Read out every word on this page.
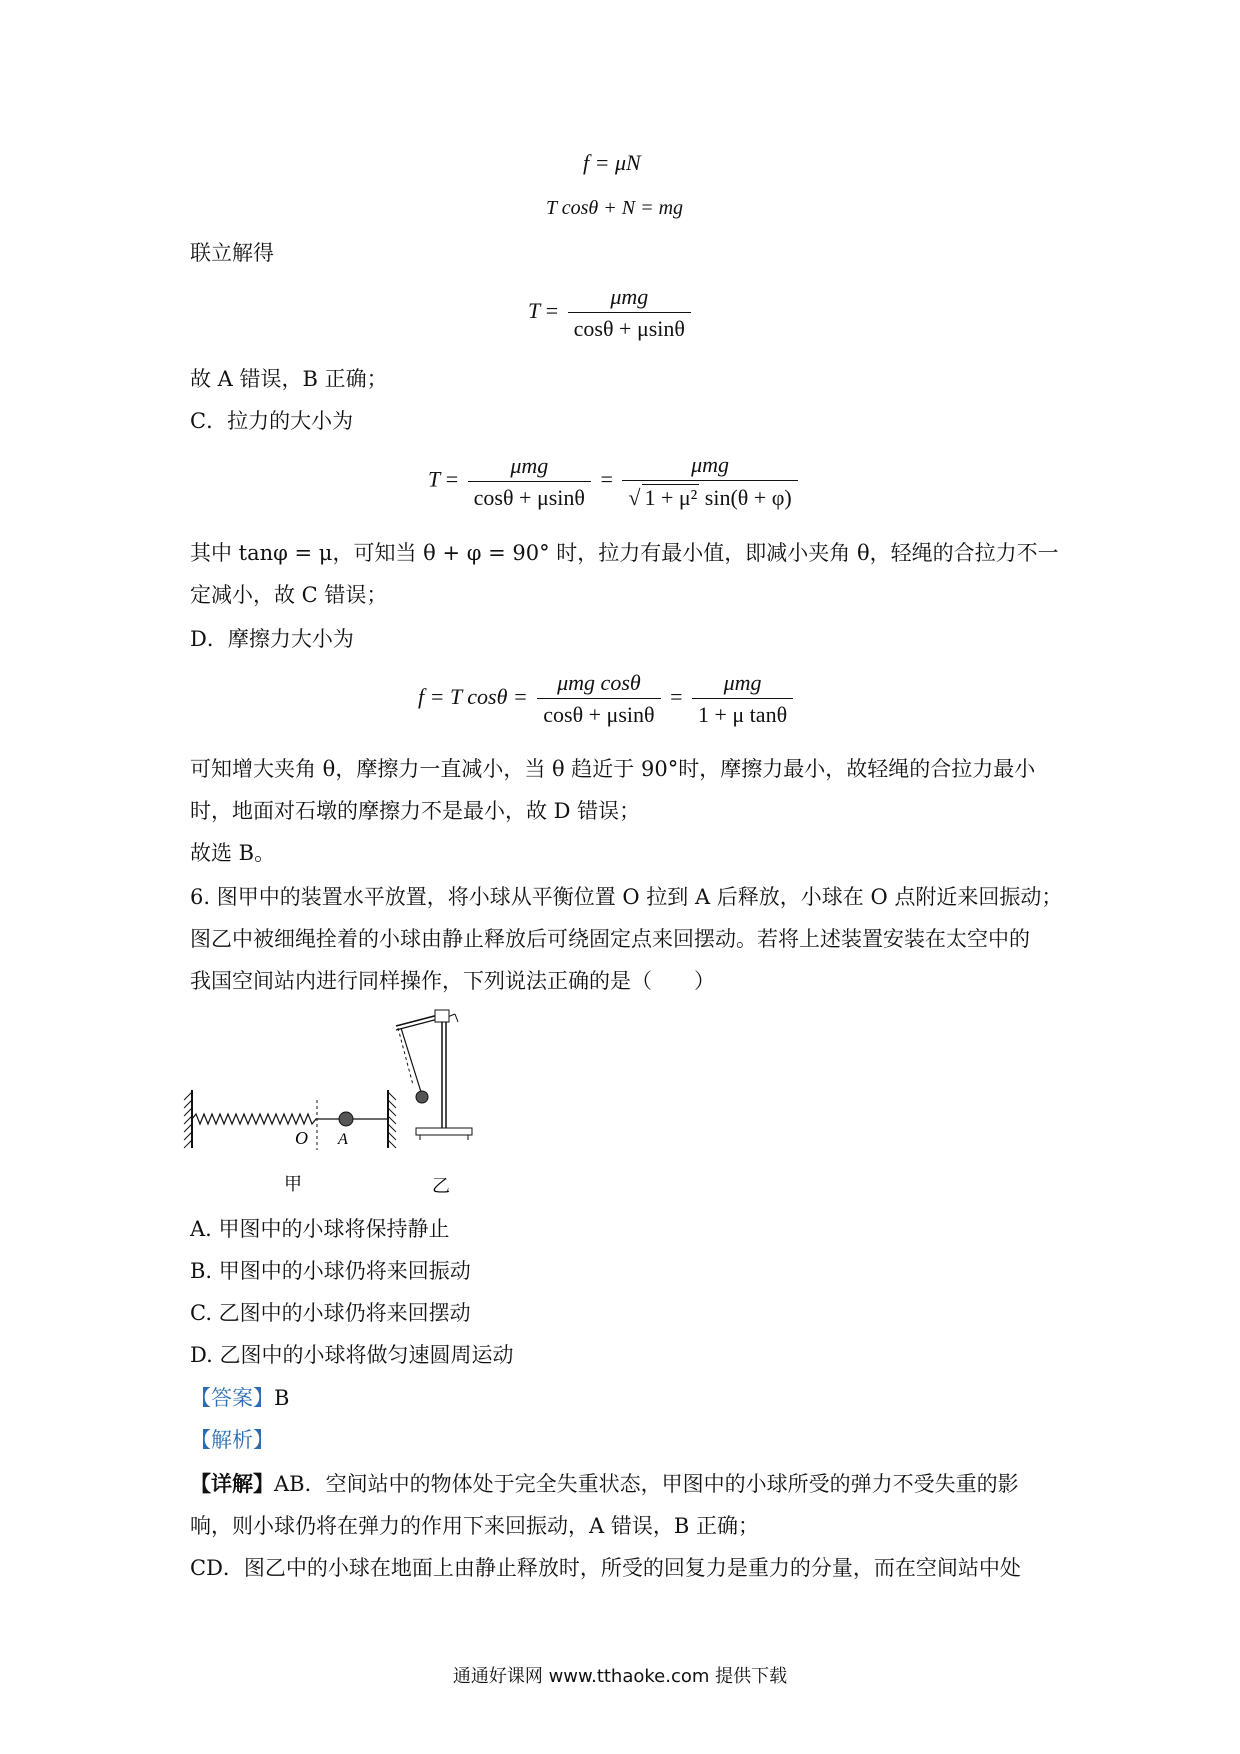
f = μN
T cosθ + N = mg
联立解得
$T = \frac{\text{μmg}}{\cos\theta + \mu\sin\theta}$
故 A 错误，B 正确；
C．拉力的大小为
$T = \frac{\text{μmg}}{\cos\theta + \mu\sin\theta} = \frac{\text{μmg}}{\text{√ 1 + μ² sin(θ + φ)}}$
其中 tanφ = μ，可知当 θ + φ = 90° 时，拉力有最小值，即减小夹角 θ，轻绳的合拉力不一
定减小，故 C 错误；
D．摩擦力大小为
f = T $\cos\theta = \frac{\text{μmg cosθ}}{\cos\theta + \mu\sin\theta} = \frac{\text{μmg}}{\text{1 + μ tanθ}}$
可知增大夹角 θ，摩擦力一直减小，当 θ 趋近于 90°时，摩擦力最小，故轻绳的合拉力最小
时，地面对石墩的摩擦力不是最小，故 D 错误；
故选 B。
6. 图甲中的装置水平放置，将小球从平衡位置 O 拉到 A 后释放，小球在 O 点附近来回振动；
图乙中被细绳拴着的小球由静止释放后可绕固定点来回摆动。若将上述装置安装在太空中的
我国空间站内进行同样操作，下列说法正确的是（　　）
O A
甲	乙
A. 甲图中的小球将保持静止
B. 甲图中的小球仍将来回振动
C. 乙图中的小球仍将来回摆动
D. 乙图中的小球将做匀速圆周运动
【答案】B
【解析】
【详解】AB．空间站中的物体处于完全失重状态，甲图中的小球所受的弹力不受失重的影
响，则小球仍将在弹力的作用下来回振动，A 错误，B 正确；
CD．图乙中的小球在地面上由静止释放时，所受的回复力是重力的分量，而在空间站中处
通通好课网 www.tthaoke.com 提供下载
